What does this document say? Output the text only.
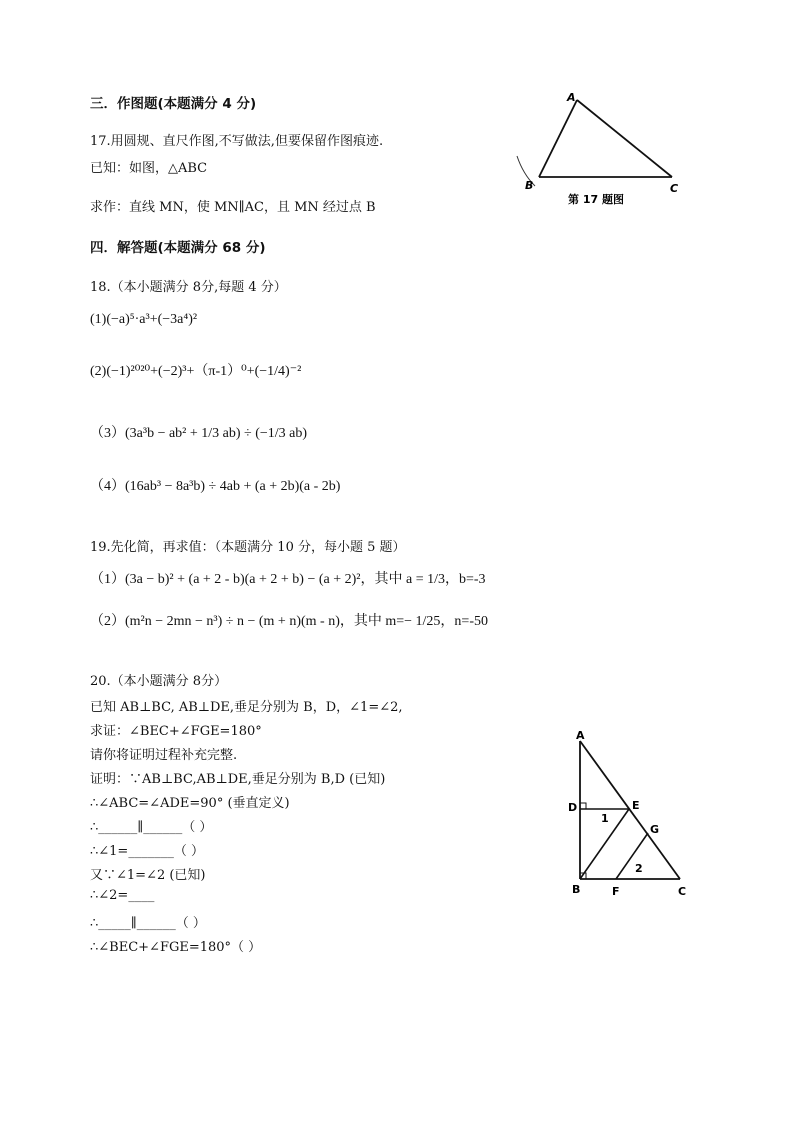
三．作图题(本题满分 4 分)
17.用圆规、直尺作图,不写做法,但要保留作图痕迹.
已知：如图，△ABC
求作：直线 MN，使 MN∥AC，且 MN 经过点 B
A
B	C
第 17 题图
四．解答题(本题满分 68 分)
18.（本小题满分 8分,每题 4 分）
(1)(−a)⁵·a³+(−3a⁴)²
(2)(−1)²⁰²⁰+(−2)³+（π-1）⁰+(−1/4)⁻²
（3）(3a³b − ab² + 1/3 ab) ÷ (−1/3 ab)
（4）(16ab³ − 8a³b) ÷ 4ab + (a + 2b)(a - 2b)
19.先化简，再求值：（本题满分 10 分，每小题 5 题）
（1）(3a − b)² + (a + 2 - b)(a + 2 + b) − (a + 2)²，其中 a = 1/3，b=-3
（2）(m²n − 2mn − n³) ÷ n − (m + n)(m - n)，其中 m=− 1/25，n=-50
20.（本小题满分 8分）
已知 AB⊥BC, AB⊥DE,垂足分别为 B，D，∠1=∠2,
求证：∠BEC+∠FGE=180°
请你将证明过程补充完整.
证明：∵AB⊥BC,AB⊥DE,垂足分别为 B,D (已知)
∴∠ABC=∠ADE=90° (垂直定义)
∴______∥______（ ）
∴∠1=_______（ ）
又∵∠1=∠2 (已知)
∴∠2=____
∴_____∥______（ ）
∴∠BEC+∠FGE=180°（ ）
A
D	E
G
B	F	C
1
2
